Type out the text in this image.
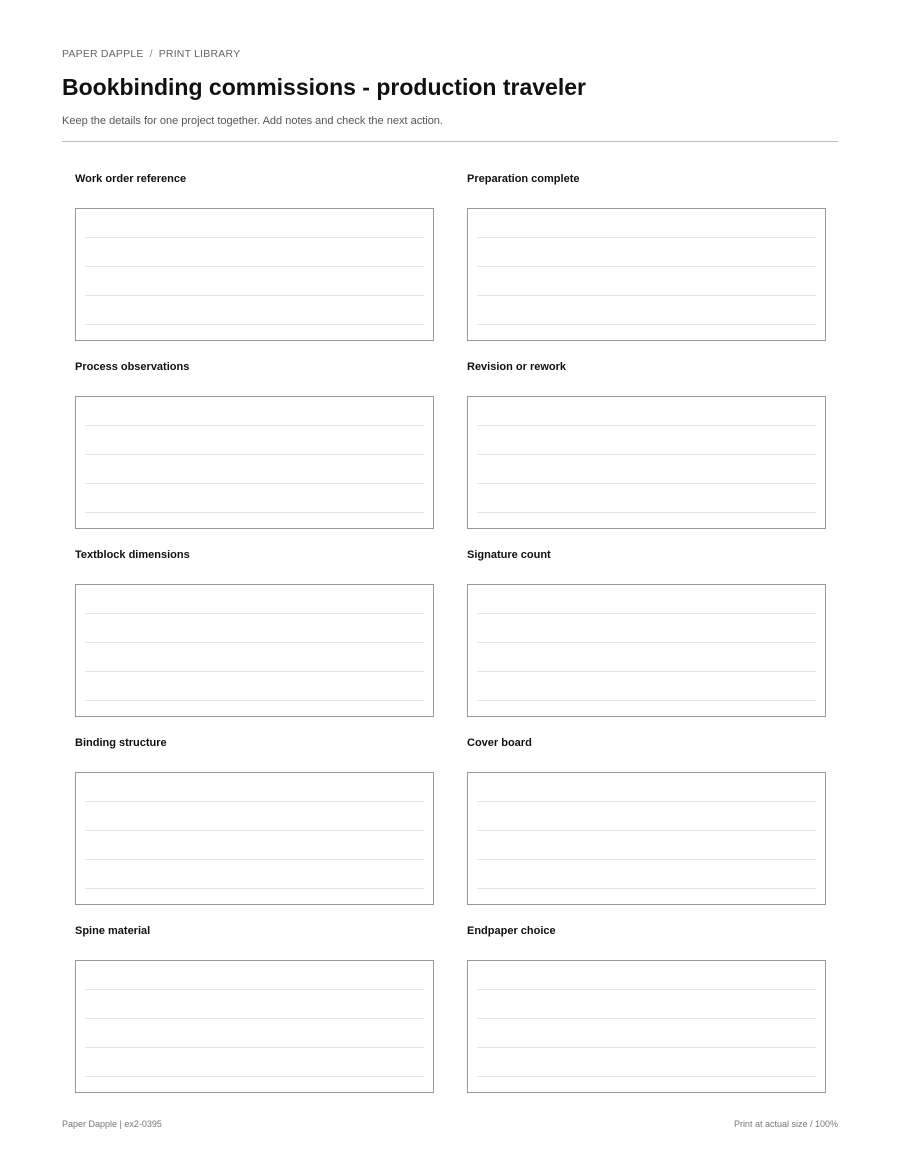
PAPER DAPPLE / PRINT LIBRARY
Bookbinding commissions - production traveler
Keep the details for one project together. Add notes and check the next action.
Work order reference	Preparation complete
Process observations	Revision or rework
Textblock dimensions	Signature count
Binding structure	Cover board
Spine material	Endpaper choice
Paper Dapple | ex2-0395	Print at actual size / 100%
